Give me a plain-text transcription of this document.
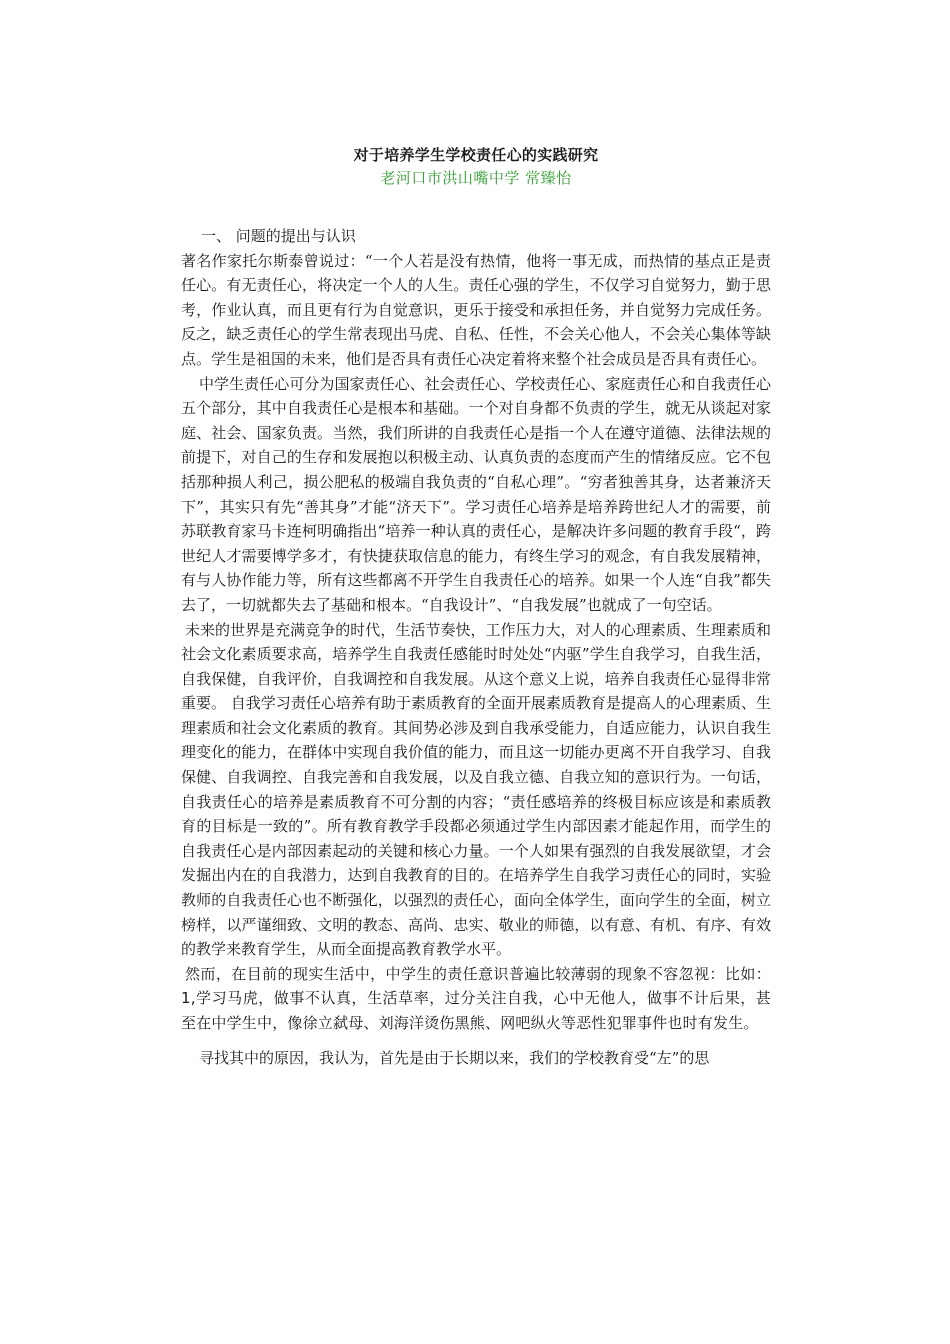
对于培养学生学校责任心的实践研究
老河口市洪山嘴中学 常臻怡

一、 问题的提出与认识

著名作家托尔斯泰曾说过：“一个人若是没有热情，他将一事无成，而热情的基点正是责任心。有无责任心，将决定一个人的人生。责任心强的学生，不仅学习自觉努力，勤于思考，作业认真，而且更有行为自觉意识，更乐于接受和承担任务，并自觉努力完成任务。反之，缺乏责任心的学生常表现出马虎、自私、任性，不会关心他人，不会关心集体等缺点。学生是祖国的未来，他们是否具有责任心决定着将来整个社会成员是否具有责任心。

中学生责任心可分为国家责任心、社会责任心、学校责任心、家庭责任心和自我责任心五个部分，其中自我责任心是根本和基础。一个对自身都不负责的学生，就无从谈起对家庭、社会、国家负责。当然，我们所讲的自我责任心是指一个人在遵守道德、法律法规的前提下，对自己的生存和发展抱以积极主动、认真负责的态度而产生的情绪反应。它不包括那种损人利己，损公肥私的极端自我负责的“自私心理”。“穷者独善其身，达者兼济天下”，其实只有先“善其身”才能“济天下”。学习责任心培养是培养跨世纪人才的需要，前苏联教育家马卡连柯明确指出“培养一种认真的责任心，是解决许多问题的教育手段“，跨世纪人才需要博学多才，有快捷获取信息的能力，有终生学习的观念，有自我发展精神，有与人协作能力等，所有这些都离不开学生自我责任心的培养。如果一个人连“自我”都失去了，一切就都失去了基础和根本。“自我设计”、“自我发展”也就成了一句空话。

未来的世界是充满竞争的时代，生活节奏快，工作压力大，对人的心理素质、生理素质和社会文化素质要求高，培养学生自我责任感能时时处处“内驱”学生自我学习，自我生活，自我保健，自我评价，自我调控和自我发展。从这个意义上说，培养自我责任心显得非常重要。 自我学习责任心培养有助于素质教育的全面开展素质教育是提高人的心理素质、生理素质和社会文化素质的教育。其间势必涉及到自我承受能力，自适应能力，认识自我生理变化的能力，在群体中实现自我价值的能力，而且这一切能办更离不开自我学习、自我保健、自我调控、自我完善和自我发展，以及自我立德、自我立知的意识行为。一句话，自我责任心的培养是素质教育不可分割的内容；“责任感培养的终极目标应该是和素质教育的目标是一致的”。所有教育教学手段都必须通过学生内部因素才能起作用，而学生的自我责任心是内部因素起动的关键和核心力量。一个人如果有强烈的自我发展欲望，才会发掘出内在的自我潜力，达到自我教育的目的。在培养学生自我学习责任心的同时，实验教师的自我责任心也不断强化，以强烈的责任心，面向全体学生，面向学生的全面，树立榜样，以严谨细致、文明的教态、高尚、忠实、敬业的师德，以有意、有机、有序、有效的教学来教育学生，从而全面提高教育教学水平。

然而，在目前的现实生活中，中学生的责任意识普遍比较薄弱的现象不容忽视：比如：1,学习马虎，做事不认真，生活草率，过分关注自我，心中无他人，做事不计后果，甚至在中学生中，像徐立弑母、刘海洋烫伤黑熊、网吧纵火等恶性犯罪事件也时有发生。

寻找其中的原因，我认为，首先是由于长期以来，我们的学校教育受“左”的思
